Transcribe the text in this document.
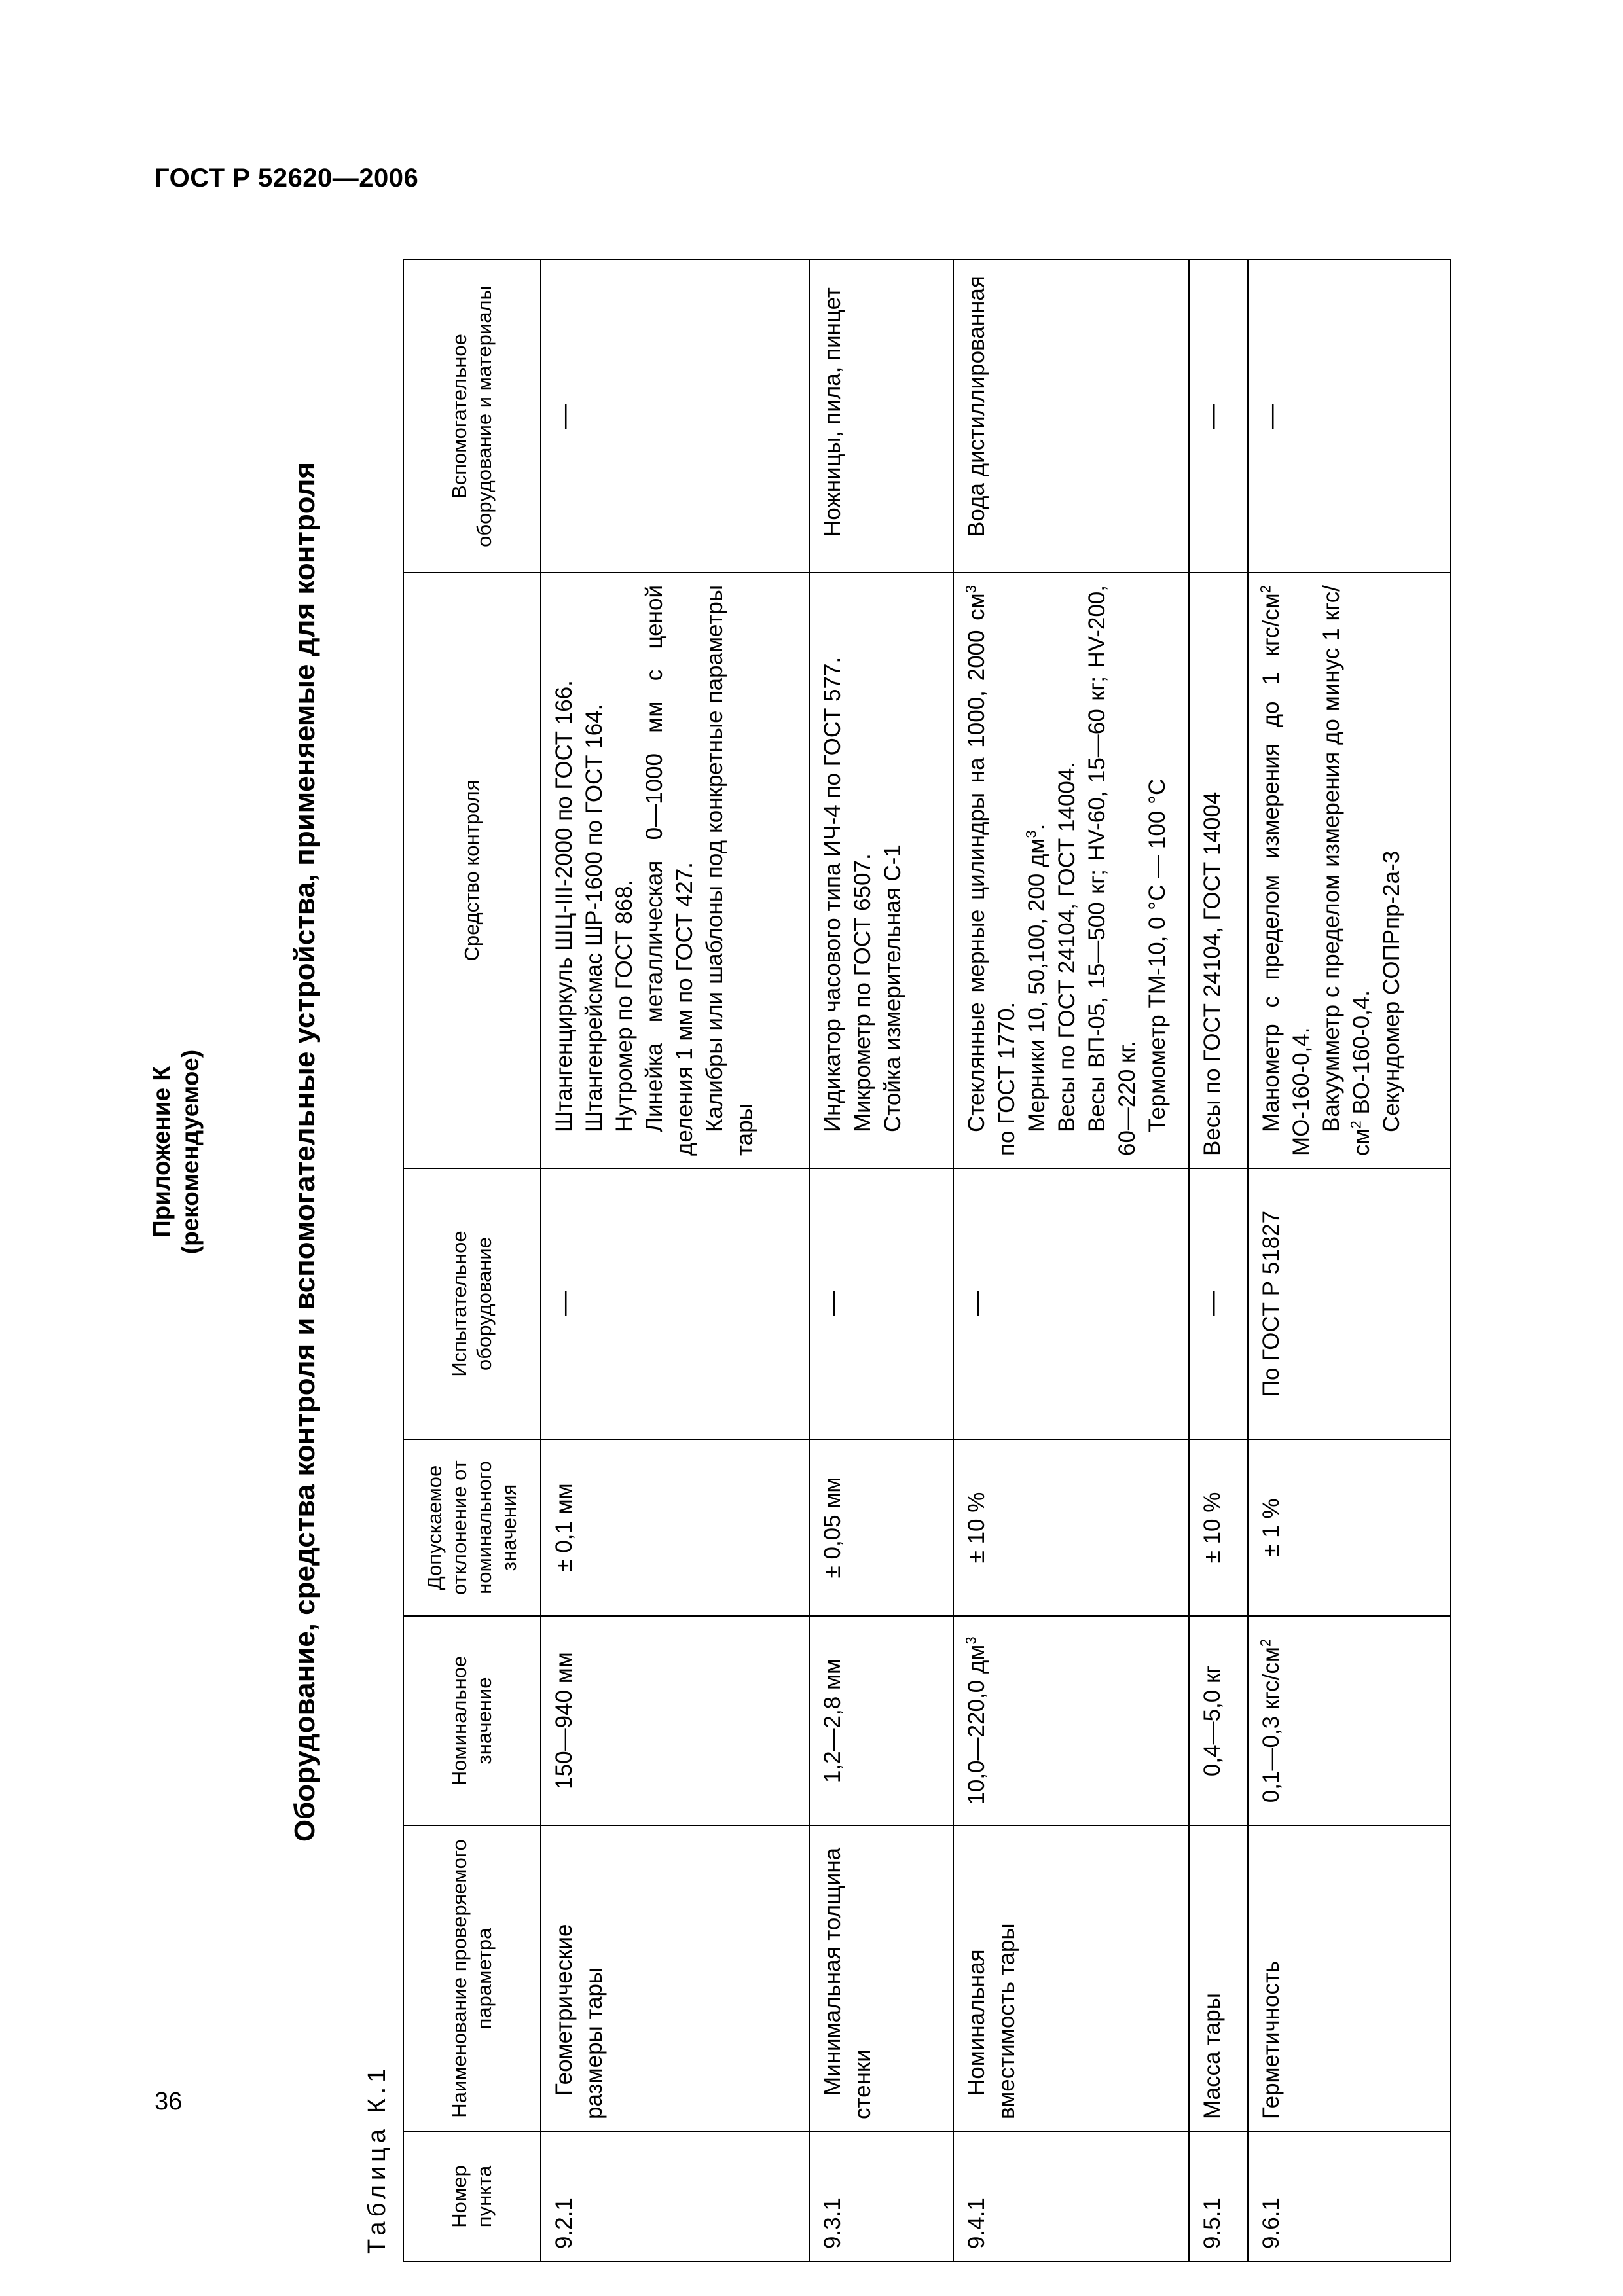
ГОСТ Р 52620—2006
36
Приложение К (рекомендуемое)	Оборудование, средства контроля и вспомогательные устройства, применяемые для контроля
Таблица К.1	Номер пункта	Наименование проверяемого параметра	Номинальное значение	Допускаемое отклонение от номинального значения	Испытательное оборудование	Средство контроля	Вспомогательное оборудование и материалы
9.2.1	Геометрические размеры тары	150—940 мм	± 0,1 мм	—	Штангенциркуль ШЦ-III-2000 по ГОСТ 166. Штангенрейсмас ШР-1600 по ГОСТ 164. Нутромер по ГОСТ 868. Линейка металлическая 0—1000 мм с ценой деления 1 мм по ГОСТ 427. Калибры или шаблоны под конкретные параметры тары	—
9.3.1	Минимальная толщина стенки	1,2—2,8 мм	± 0,05 мм	—	Индикатор часового типа ИЧ-4 по ГОСТ 577. Микрометр по ГОСТ 6507. Стойка измерительная С-1	Ножницы, пила, пинцет
9.4.1	Номинальная вместимость тары	10,0—220,0 $дм^3$	± 10 %	—	Стеклянные мерные цилиндры на 1000, 2000 $см^3$ по ГОСТ 1770. Мерники 10, 50,100, 200 $дм^3$. Весы по ГОСТ 24104, ГОСТ 14004. Весы ВП-05, 15—500 кг; HV-60, 15—60 кг; HV-200, 60—220 кг. Термометр ТМ-10, 0 °С — 100 °С	Вода дистиллированная
9.5.1	Масса тары	0,4—5,0 кг	± 10 %	—	Весы по ГОСТ 24104, ГОСТ 14004	—
9.6.1	Герметичность	0,1—0,3 кгс/$см^2$	± 1 %	По ГОСТ Р 51827	Манометр с пределом измерения до 1 кгс/$см^2$ МО-160-0,4. Вакуумметр с пределом измерения до минус 1 кгс/$см^2$ ВО-160-0,4. Секундомер СОПРпр-2а-3	—
